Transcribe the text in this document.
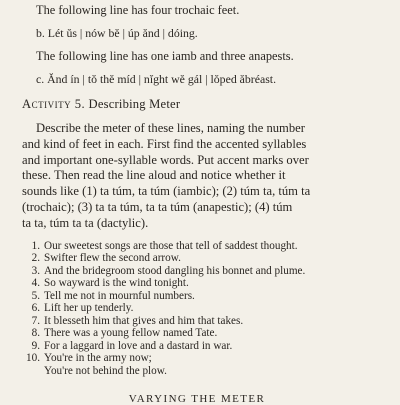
The following line has four trochaic feet.
b. Lét ŭs | nów bĕ | úp ănd | dóing.
The following line has one iamb and three anapests.
c. Ănd ín | tŏ thĕ míd | nĭght wĕ gál | lŏped ăbréast.
Activity 5. Describing Meter
Describe the meter of these lines, naming the number
and kind of feet in each. First find the accented syllables
and important one-syllable words. Put accent marks over
these. Then read the line aloud and notice whether it
sounds like (1) ta túm, ta túm (iambic); (2) túm ta, túm ta
(trochaic); (3) ta ta túm, ta ta túm (anapestic); (4) túm
ta ta, túm ta ta (dactylic).
1. Our sweetest songs are those that tell of saddest thought.
2. Swifter flew the second arrow.
3. And the bridegroom stood dangling his bonnet and plume.
4. So wayward is the wind tonight.
5. Tell me not in mournful numbers.
6. Lift her up tenderly.
7. It blesseth him that gives and him that takes.
8. There was a young fellow named Tate.
9. For a laggard in love and a dastard in war.
10. You're in the army now;
You're not behind the plow.
VARYING THE METER
